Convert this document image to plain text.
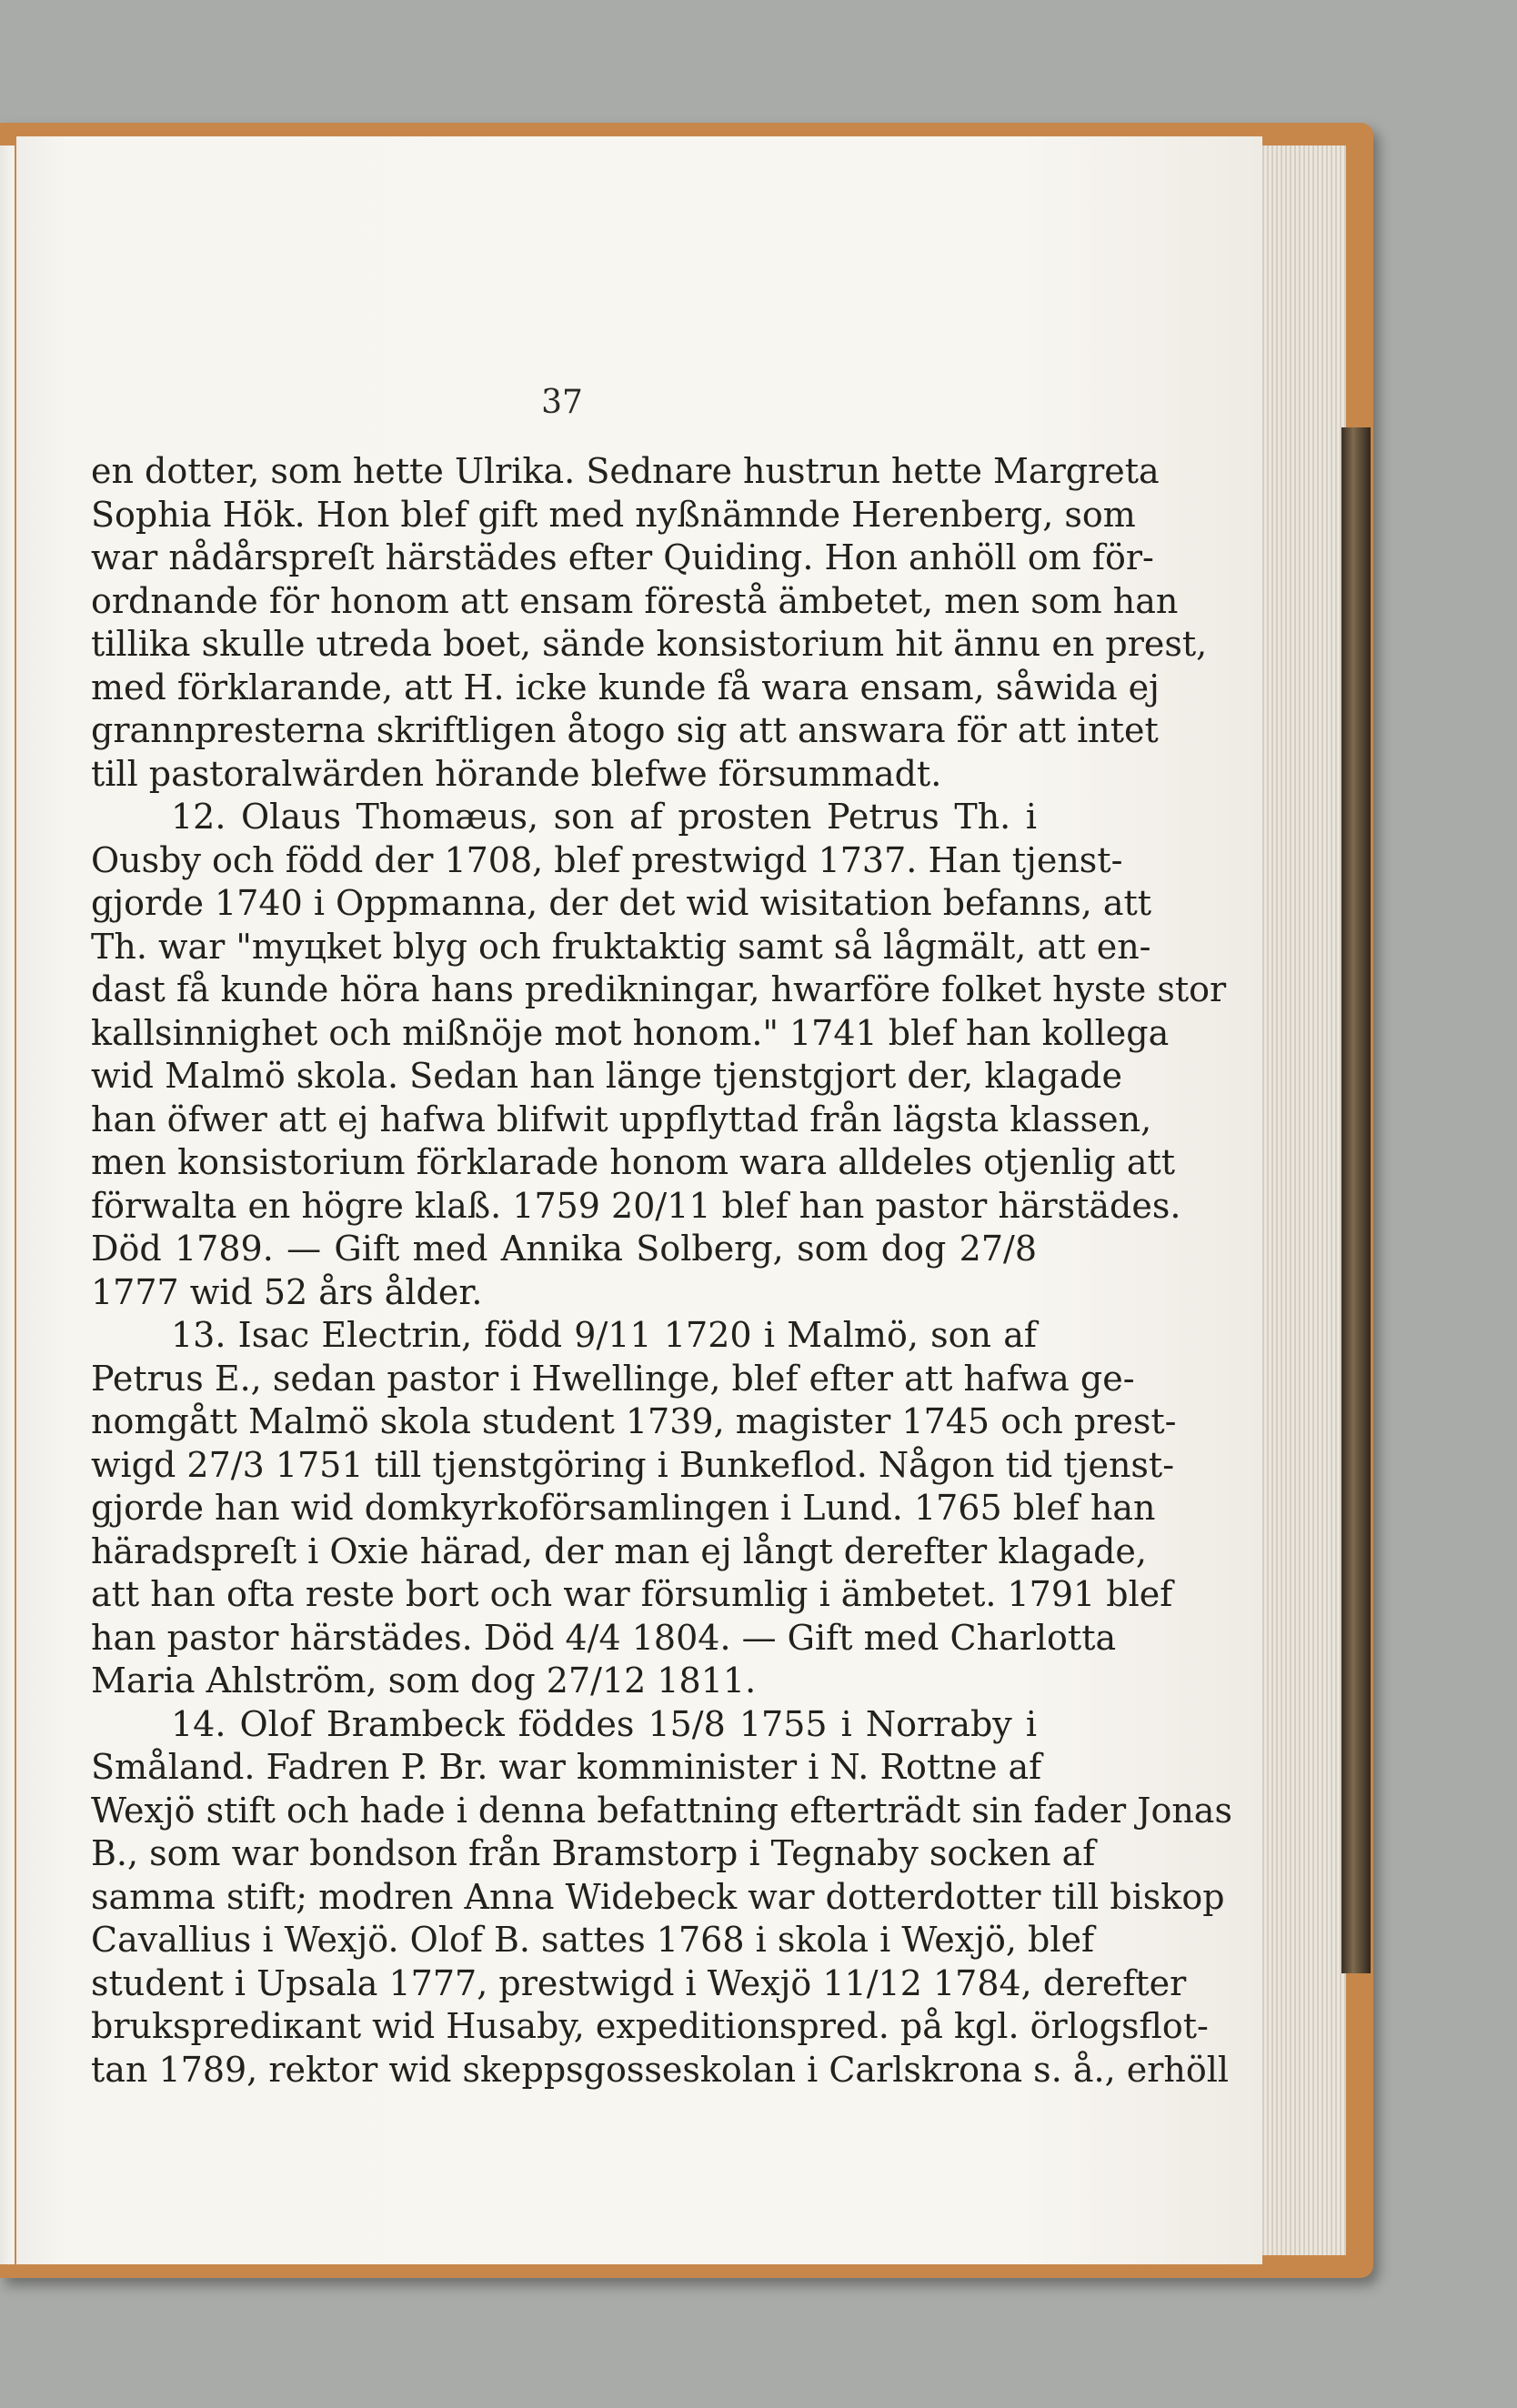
37
en dotter, som hette Ulrika. Sednare hustrun hette Margreta
Sophia Hök. Hon blef gift med nyßnämnde Herenberg, som
war nådårspreſt härstädes efter Quiding. Hon anhöll om för-
ordnande för honom att ensam förestå ämbetet, men som han
tillika skulle utreda boet, sände konsistorium hit ännu en prest,
med förklarande, att H. icke kunde få wara ensam, såwida ej
grannpresterna skriftligen åtogo sig att answara för att intet
till pastoralwärden hörande blefwe försummadt.
12. Olaus Thomæus, son af prosten Petrus Th. i
Ousby och född der 1708, blef prestwigd 1737. Han tjenst-
gjorde 1740 i Oppmanna, der det wid wisitation befanns, att
Th. war "myцket blyg och fruktaktig samt så lågmält, att en-
dast få kunde höra hans predikningar, hwarföre folket hyste stor
kallsinnighet och mißnöje mot honom." 1741 blef han kollega
wid Malmö skola. Sedan han länge tjenstgjort der, klagade
han öfwer att ej hafwa blifwit uppflyttad från lägsta klassen,
men konsistorium förklarade honom wara alldeles otjenlig att
förwalta en högre klaß. 1759 20/11 blef han pastor härstädes.
Död 1789. — Gift med Annika Solberg, som dog 27/8
1777 wid 52 års ålder.
13. Isac Electrin, född 9/11 1720 i Malmö, son af
Petrus E., sedan pastor i Hwellinge, blef efter att hafwa ge-
nomgått Malmö skola student 1739, magister 1745 och prest-
wigd 27/3 1751 till tjenstgöring i Bunkeflod. Någon tid tjenst-
gjorde han wid domkyrkoförsamlingen i Lund. 1765 blef han
häradspreſt i Oxie härad, der man ej långt derefter klagade,
att han ofta reste bort och war försumlig i ämbetet. 1791 blef
han pastor härstädes. Död 4/4 1804. — Gift med Charlotta
Maria Ahlström, som dog 27/12 1811.
14. Olof Brambeck föddes 15/8 1755 i Norraby i
Småland. Fadren P. Br. war komminister i N. Rottne af
Wexjö stift och hade i denna befattning efterträdt sin fader Jonas
B., som war bondson från Bramstorp i Tegnaby socken af
samma stift; modren Anna Widebeck war dotterdotter till biskop
Cavallius i Wexjö. Olof B. sattes 1768 i skola i Wexjö, blef
student i Upsala 1777, prestwigd i Wexjö 11/12 1784, derefter
bruksprediкant wid Husaby, expeditionspred. på kgl. örlogsflot-
tan 1789, rektor wid skeppsgosseskolan i Carlskrona s. å., erhöll
